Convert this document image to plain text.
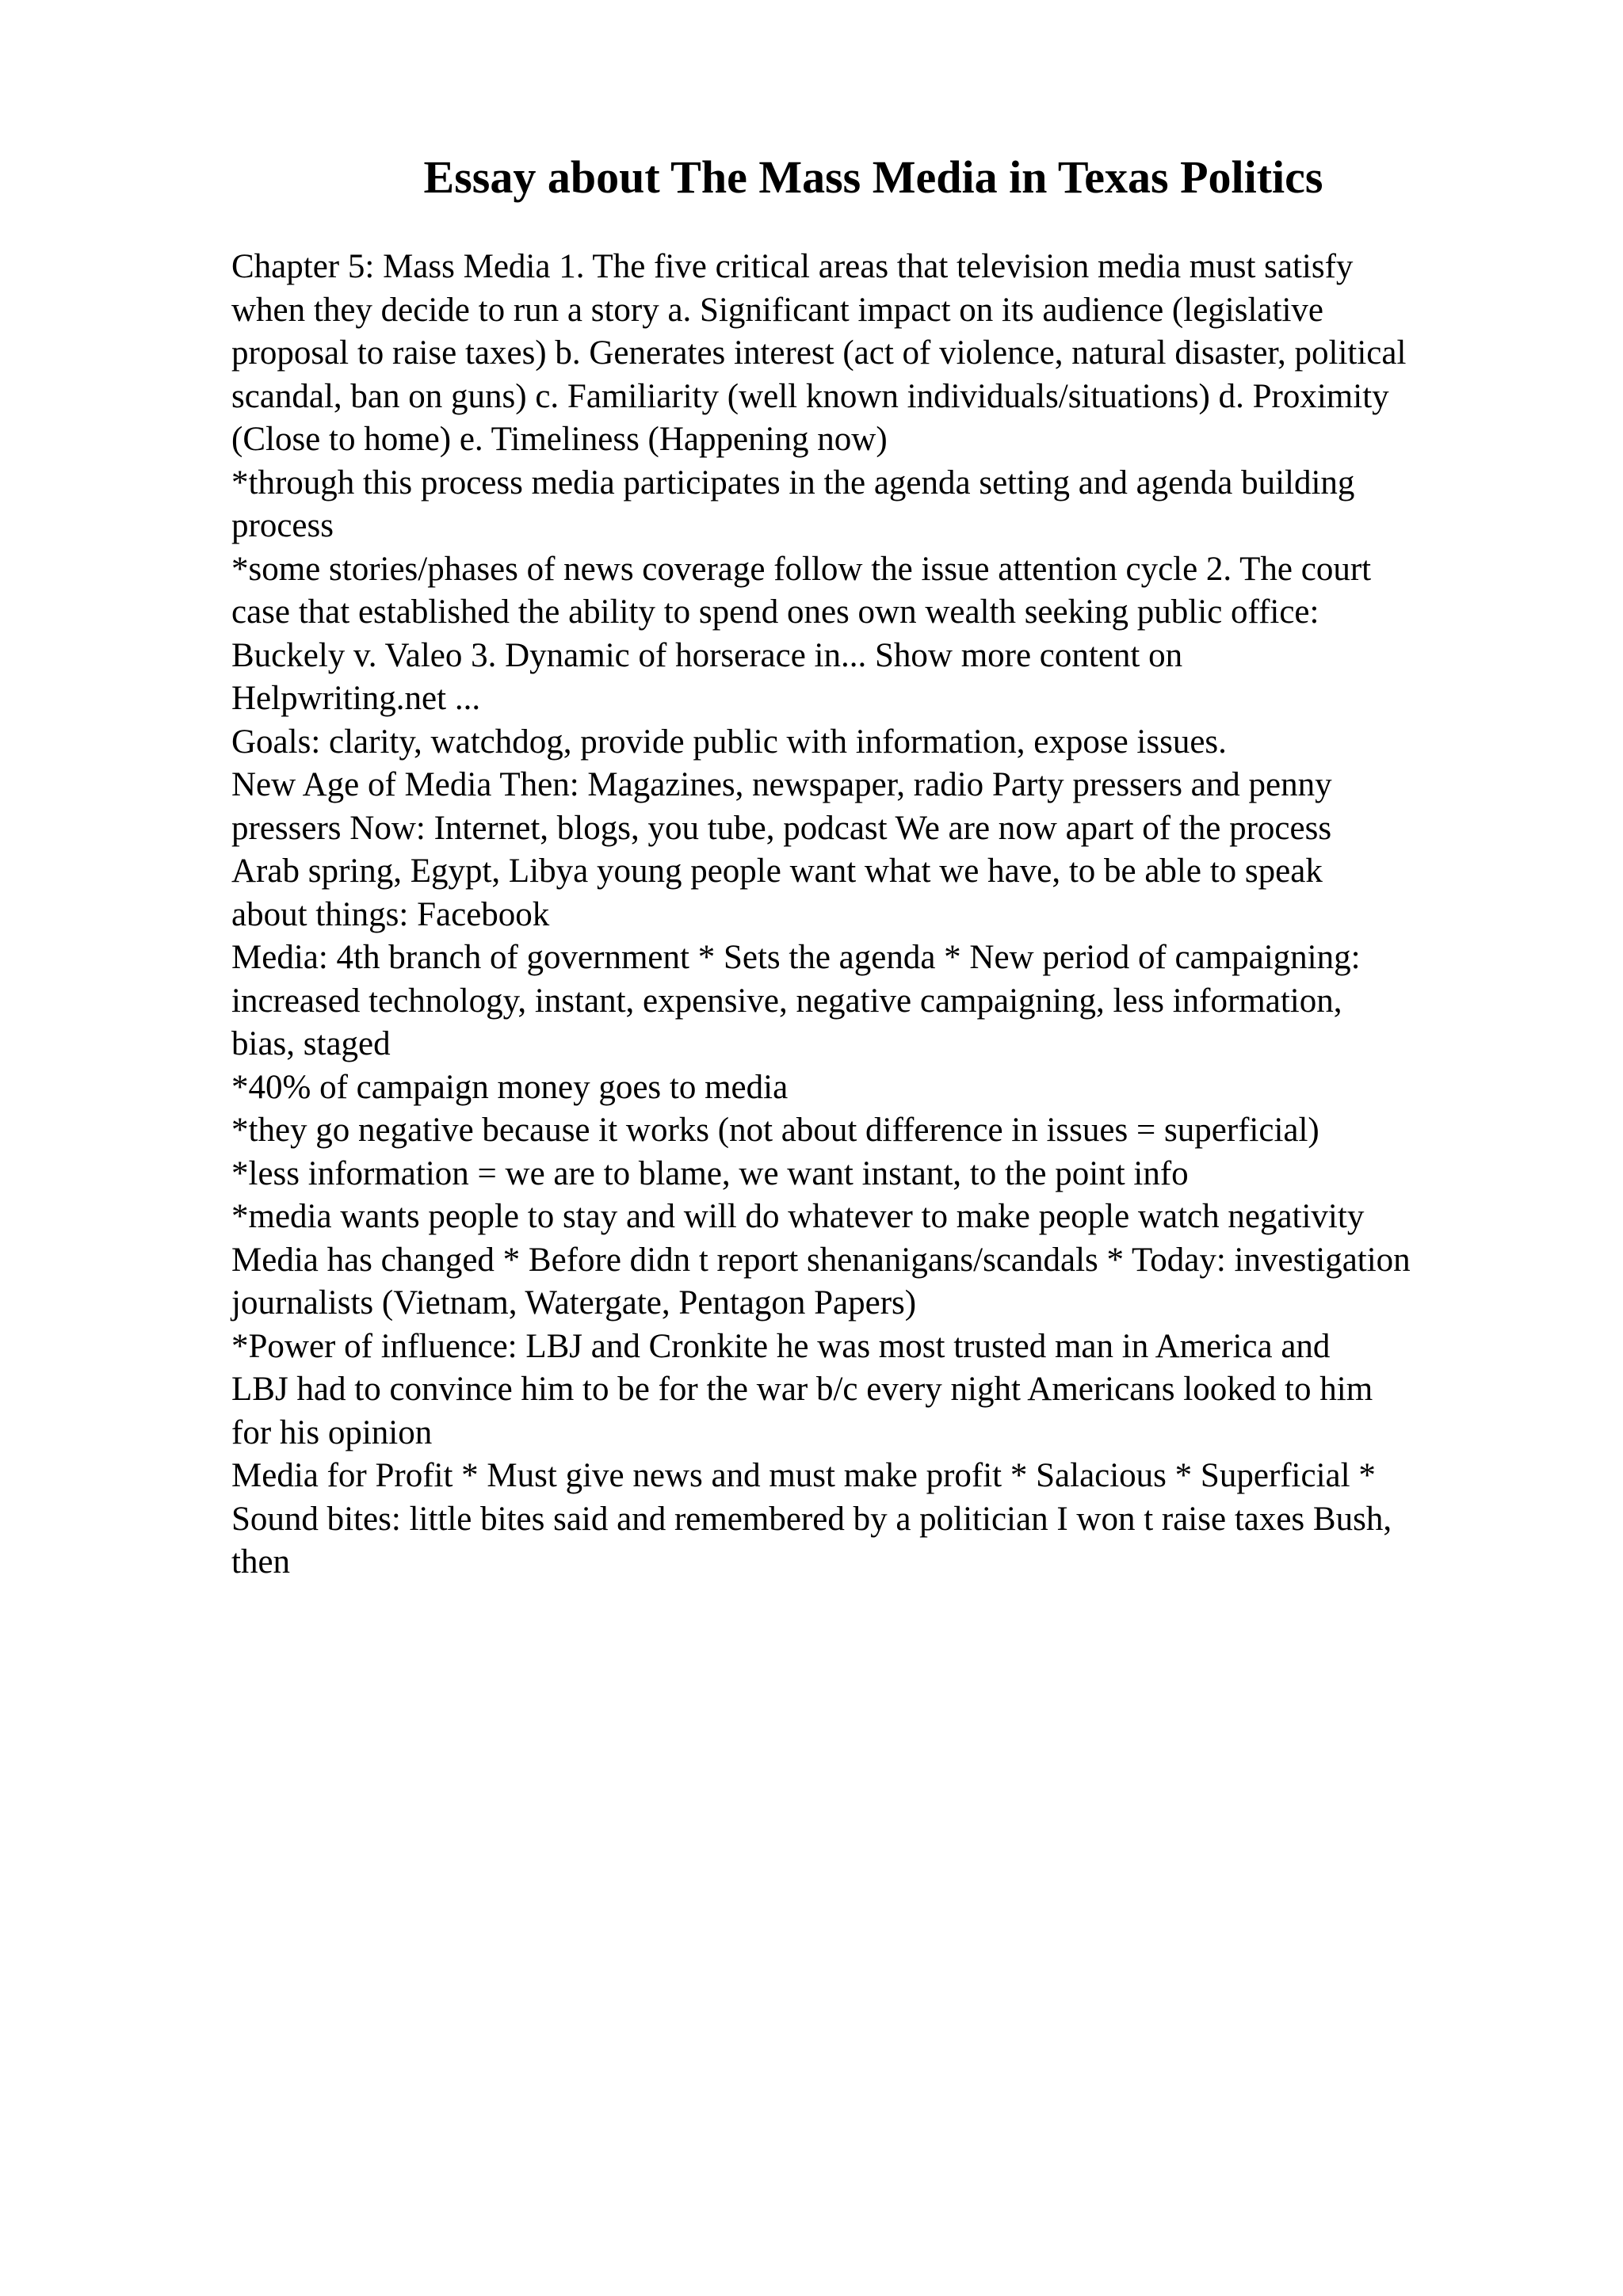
Essay about The Mass Media in Texas Politics
Chapter 5: Mass Media 1. The five critical areas that television media must satisfy
when they decide to run a story a. Significant impact on its audience (legislative
proposal to raise taxes) b. Generates interest (act of violence, natural disaster, political
scandal, ban on guns) c. Familiarity (well known individuals/situations) d. Proximity
(Close to home) e. Timeliness (Happening now)
*through this process media participates in the agenda setting and agenda building
process
*some stories/phases of news coverage follow the issue attention cycle 2. The court
case that established the ability to spend ones own wealth seeking public office:
Buckely v. Valeo 3. Dynamic of horserace in... Show more content on
Helpwriting.net ...
Goals: clarity, watchdog, provide public with information, expose issues.
New Age of Media Then: Magazines, newspaper, radio Party pressers and penny
pressers Now: Internet, blogs, you tube, podcast We are now apart of the process
Arab spring, Egypt, Libya young people want what we have, to be able to speak
about things: Facebook
Media: 4th branch of government * Sets the agenda * New period of campaigning:
increased technology, instant, expensive, negative campaigning, less information,
bias, staged
*40% of campaign money goes to media
*they go negative because it works (not about difference in issues = superficial)
*less information = we are to blame, we want instant, to the point info
*media wants people to stay and will do whatever to make people watch negativity
Media has changed * Before didn t report shenanigans/scandals * Today: investigation
journalists (Vietnam, Watergate, Pentagon Papers)
*Power of influence: LBJ and Cronkite he was most trusted man in America and
LBJ had to convince him to be for the war b/c every night Americans looked to him
for his opinion
Media for Profit * Must give news and must make profit * Salacious * Superficial *
Sound bites: little bites said and remembered by a politician I won t raise taxes Bush,
then
